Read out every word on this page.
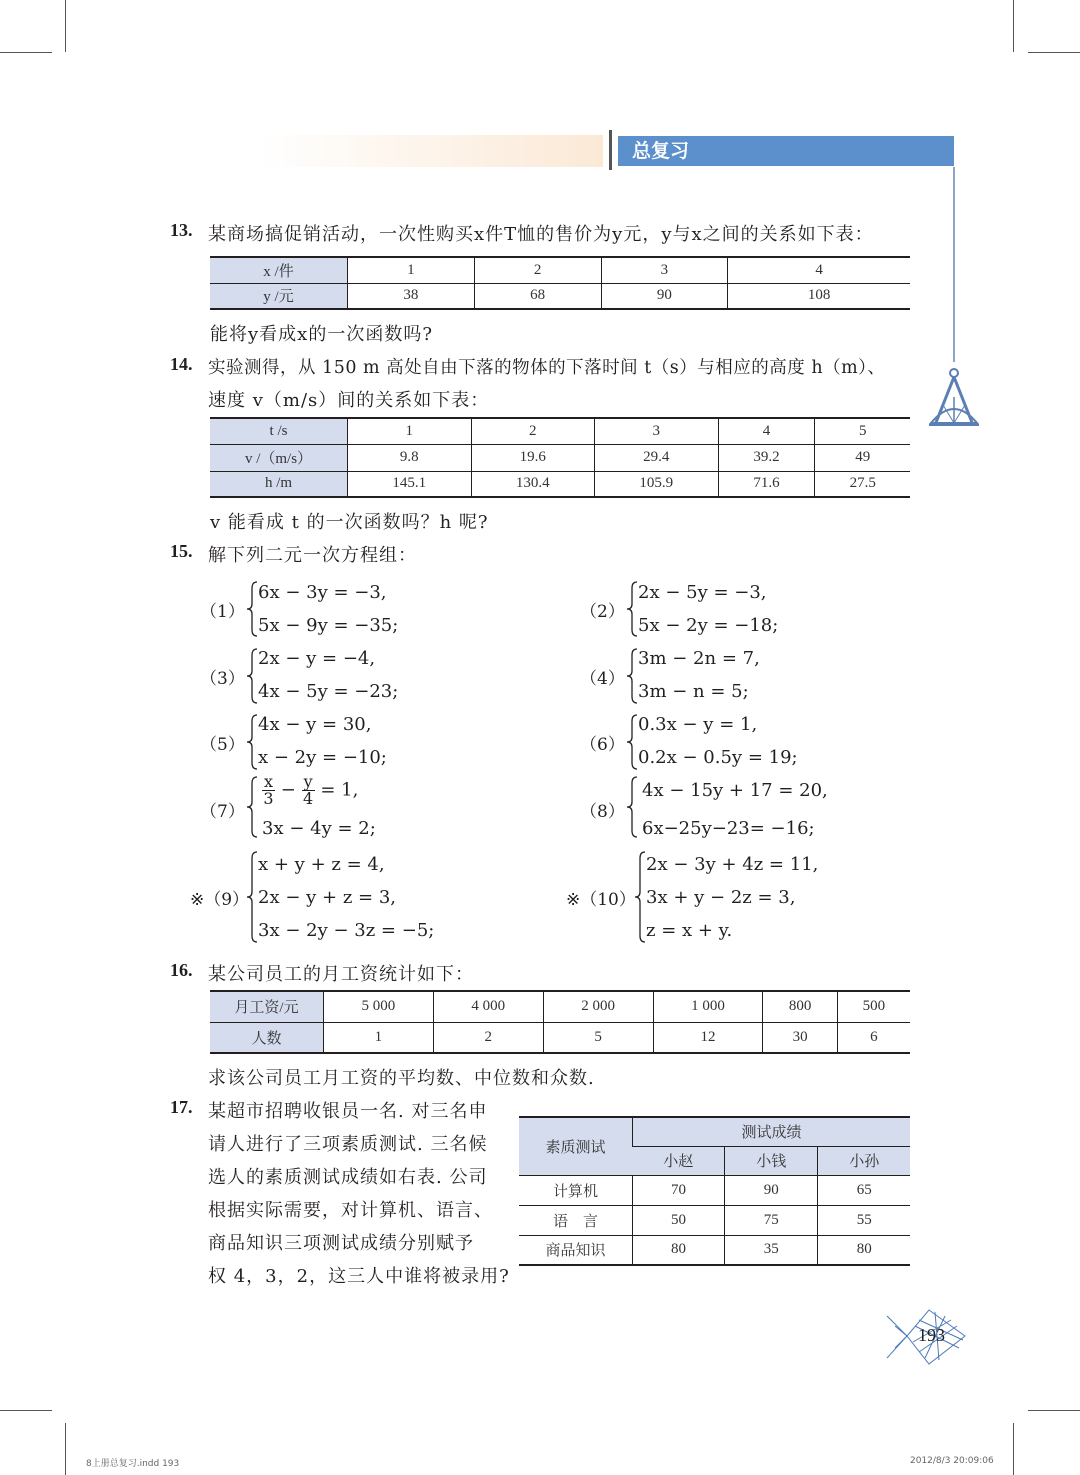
总复习
13. 某商场搞促销活动，一次性购买x件T恤的售价为y元，y与x之间的关系如下表：
x /件	1	2	3	4
y /元	38	68	90	108
能将y看成x的一次函数吗?
14. 实验测得，从 150 m 高处自由下落的物体的下落时间 t（s）与相应的高度 h（m）、
速度 v（m/s）间的关系如下表：
t /s	1	2	3	4	5
v /（m/s）	9.8	19.6	29.4	39.2	49
h /m	145.1	130.4	105.9	71.6	27.5
v 能看成 t 的一次函数吗？h 呢?
15. 解下列二元一次方程组：
（1）
6x − 3y = −3,
5x − 9y = −35;
（2）
2x − 5y = −3,
5x − 2y = −18;
（3）
2x − y = −4,
4x − 5y = −23;
（4）
3m − 2n = 7,
3m − n = 5;
（5）
4x − y = 30,
x − 2y = −10;
（6）
0.3x − y = 1,
0.2x − 0.5y = 19;
（7）
$\frac{x}{3} - \frac{y}{4} = 1$,
3x − 4y = 2;
（8）
4x − 15y + 17 = 20,
6x−25y−23= −16;
※（9）
x + y + z = 4,
2x − y + z = 3,
3x − 2y − 3z = −5;
※（10）
2x − 3y + 4z = 11,
3x + y − 2z = 3,
z = x + y.
16. 某公司员工的月工资统计如下：
月工资/元	5 000	4 000	2 000	1 000	800	500
人数	1	2	5	12	30	6
求该公司员工月工资的平均数、中位数和众数.
17. 某超市招聘收银员一名. 对三名申
请人进行了三项素质测试. 三名候
选人的素质测试成绩如右表. 公司
根据实际需要，对计算机、语言、
商品知识三项测试成绩分别赋予
权 4，3，2，这三人中谁将被录用?
素质测试	测试成绩		
	小赵	小钱	小孙
计算机	70	90	65
语　言	50	75	55
商品知识	80	35	80
193
8上册总复习.indd 193	2012/8/3 20:09:06
